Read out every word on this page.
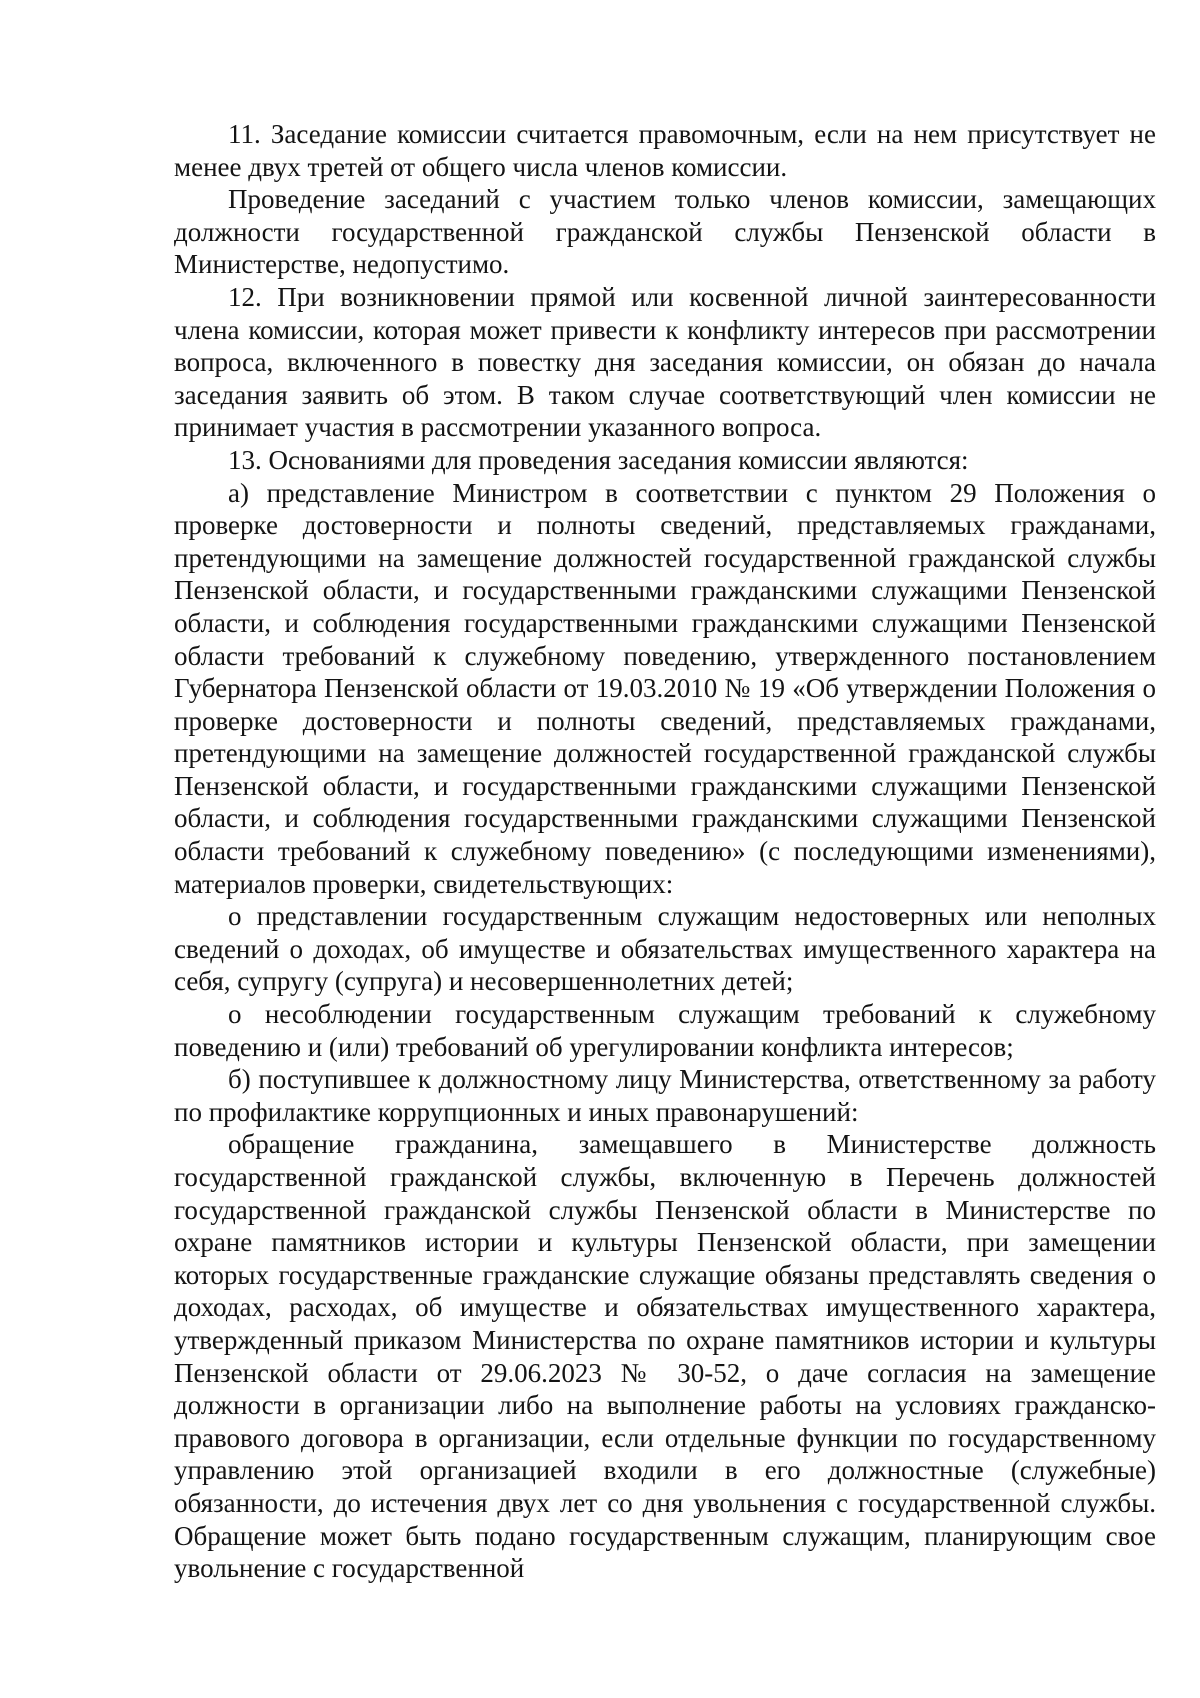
11. Заседание комиссии считается правомочным, если на нем присутствует не менее двух третей от общего числа членов комиссии.

Проведение заседаний с участием только членов комиссии, замещающих должности государственной гражданской службы Пензенской области в Министерстве, недопустимо.

12. При возникновении прямой или косвенной личной заинтересованности члена комиссии, которая может привести к конфликту интересов при рассмотрении вопроса, включенного в повестку дня заседания комиссии, он обязан до начала заседания заявить об этом. В таком случае соответствующий член комиссии не принимает участия в рассмотрении указанного вопроса.

13. Основаниями для проведения заседания комиссии являются:

а) представление Министром в соответствии с пунктом 29 Положения о проверке достоверности и полноты сведений, представляемых гражданами, претендующими на замещение должностей государственной гражданской службы Пензенской области, и государственными гражданскими служащими Пензенской области, и соблюдения государственными гражданскими служащими Пензенской области требований к служебному поведению, утвержденного постановлением Губернатора Пензенской области от 19.03.2010 № 19 «Об утверждении Положения о проверке достоверности и полноты сведений, представляемых гражданами, претендующими на замещение должностей государственной гражданской службы Пензенской области, и государственными гражданскими служащими Пензенской области, и соблюдения государственными гражданскими служащими Пензенской области требований к служебному поведению» (с последующими изменениями), материалов проверки, свидетельствующих:

о представлении государственным служащим недостоверных или неполных сведений о доходах, об имуществе и обязательствах имущественного характера на себя, супругу (супруга) и несовершеннолетних детей;

о несоблюдении государственным служащим требований к служебному поведению и (или) требований об урегулировании конфликта интересов;

б) поступившее к должностному лицу Министерства, ответственному за работу по профилактике коррупционных и иных правонарушений:

обращение гражданина, замещавшего в Министерстве должность государственной гражданской службы, включенную в Перечень должностей государственной гражданской службы Пензенской области в Министерстве по охране памятников истории и культуры Пензенской области, при замещении которых государственные гражданские служащие обязаны представлять сведения о доходах, расходах, об имуществе и обязательствах имущественного характера, утвержденный приказом Министерства по охране памятников истории и культуры Пензенской области от 29.06.2023 № 30-52, о даче согласия на замещение должности в организации либо на выполнение работы на условиях гражданско-правового договора в организации, если отдельные функции по государственному управлению этой организацией входили в его должностные (служебные) обязанности, до истечения двух лет со дня увольнения с государственной службы. Обращение может быть подано государственным служащим, планирующим свое увольнение с государственной
